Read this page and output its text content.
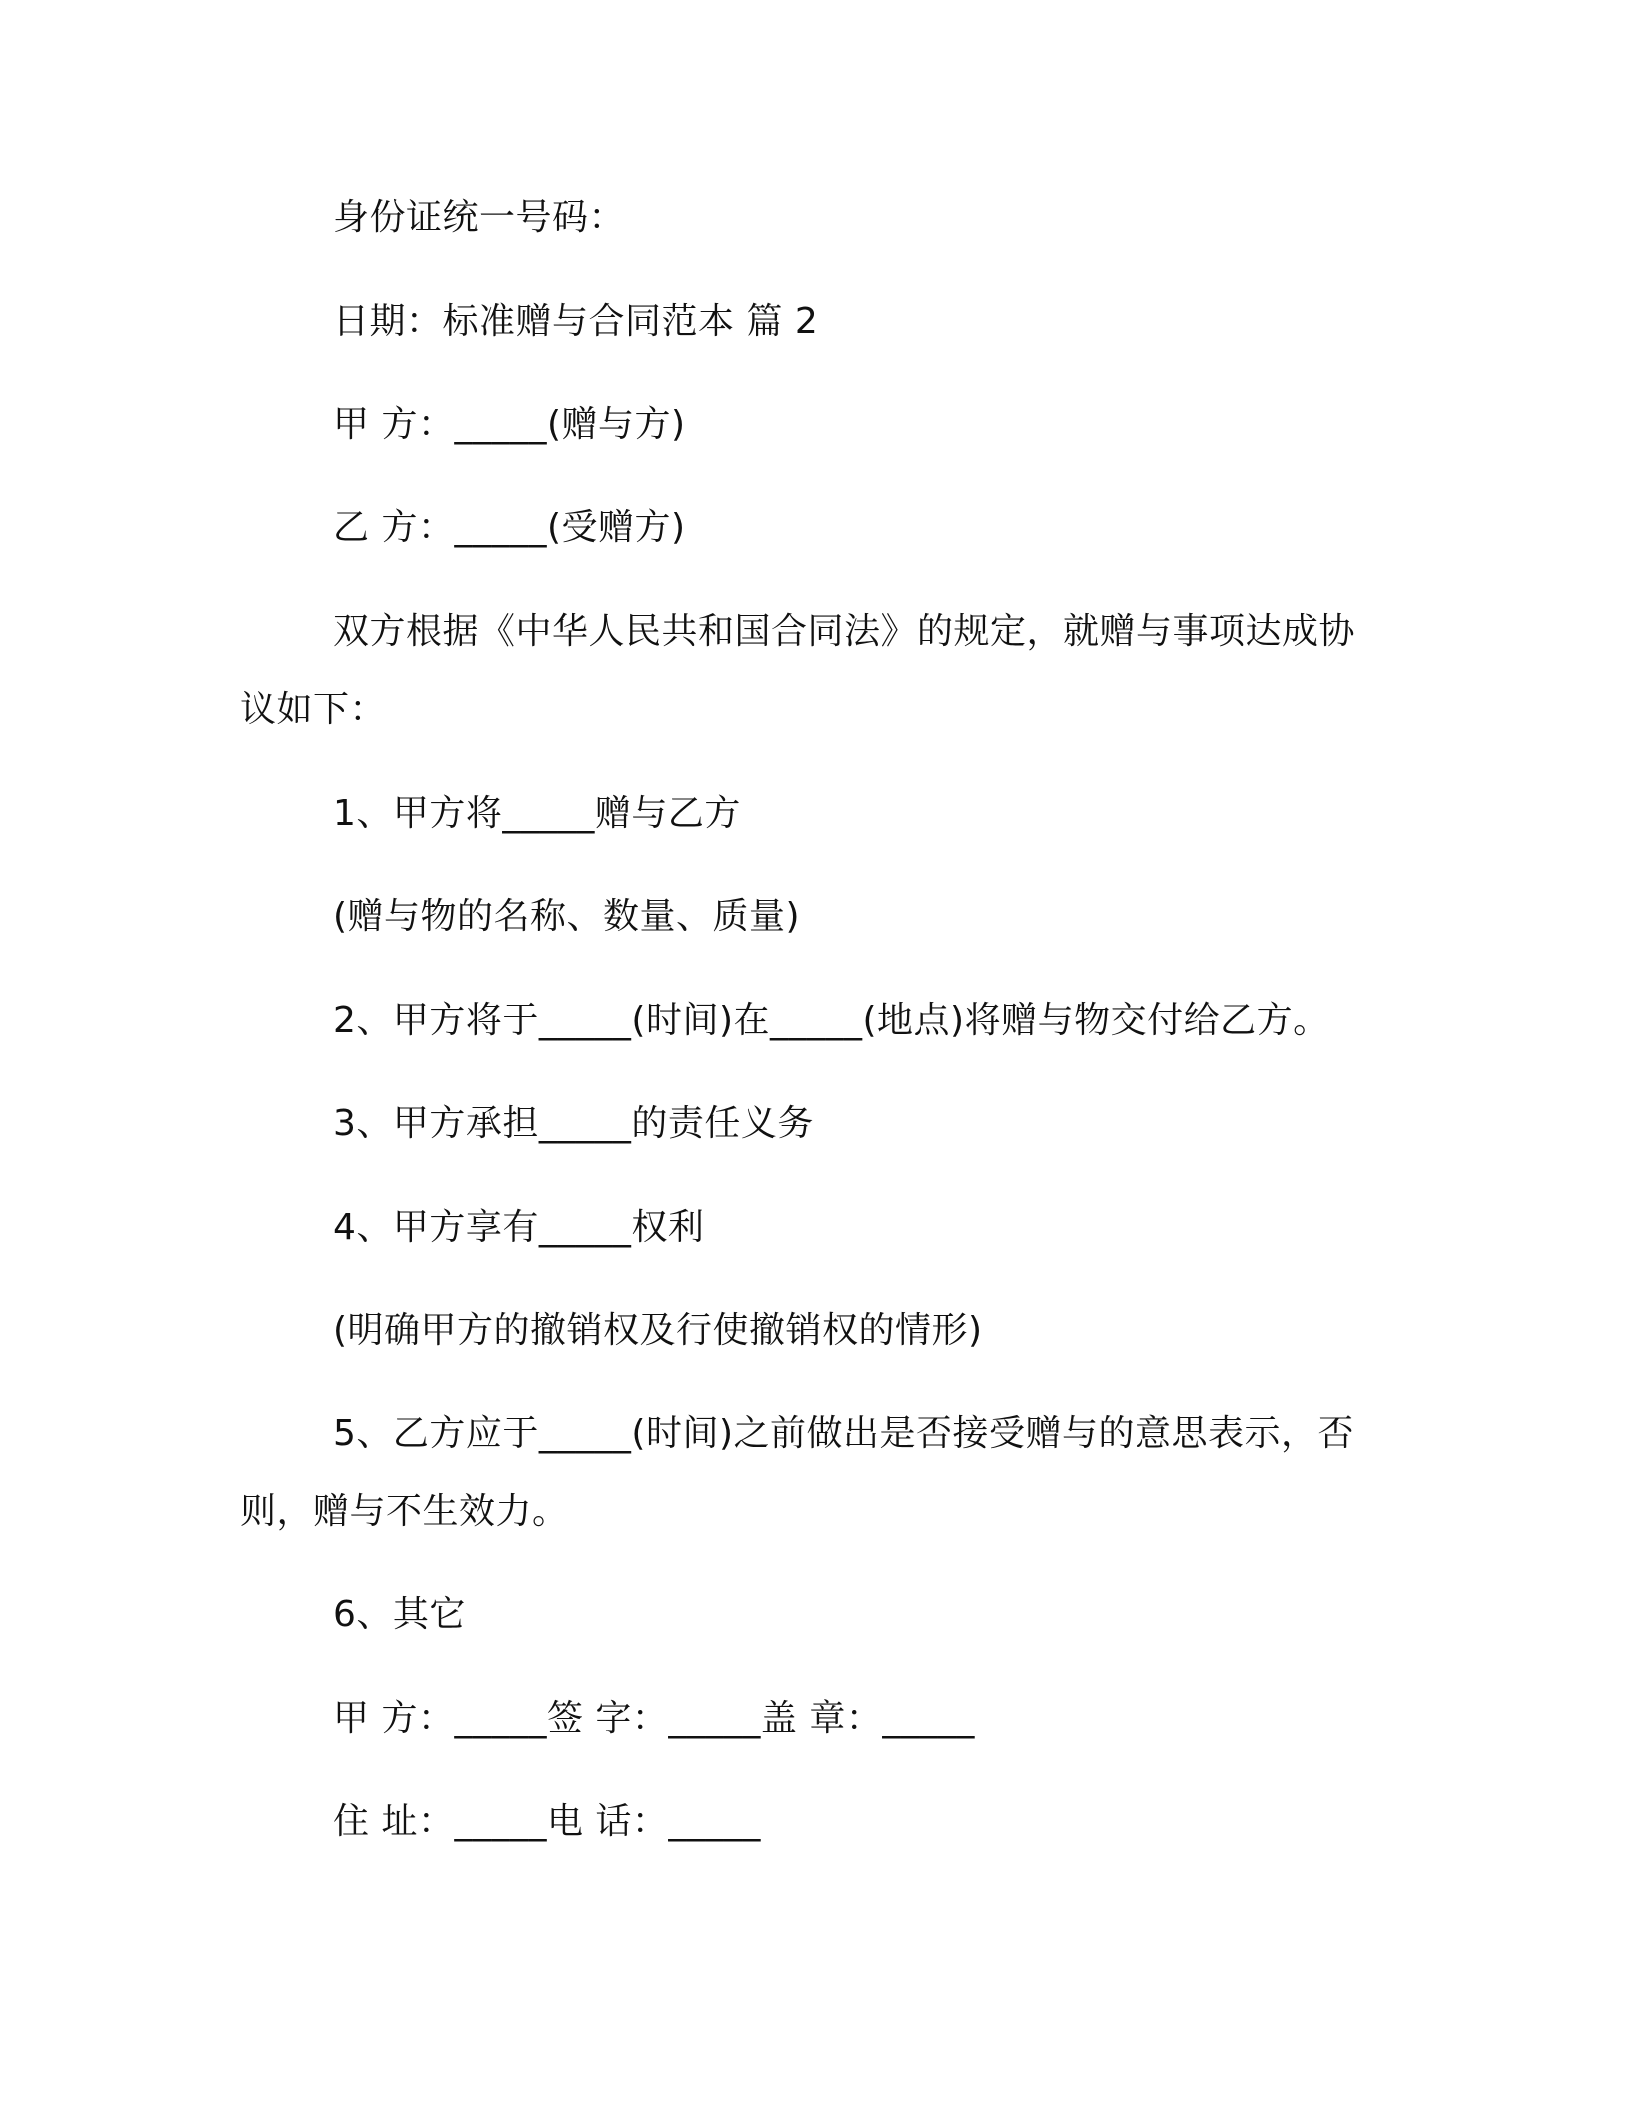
身份证统一号码：
日期：标准赠与合同范本 篇 2
甲 方：_____(赠与方)
乙 方：_____(受赠方)
双方根据《中华人民共和国合同法》的规定，就赠与事项达成协
议如下：
1、甲方将_____赠与乙方
(赠与物的名称、数量、质量)
2、甲方将于_____(时间)在_____(地点)将赠与物交付给乙方。
3、甲方承担_____的责任义务
4、甲方享有_____权利
(明确甲方的撤销权及行使撤销权的情形)
5、乙方应于_____(时间)之前做出是否接受赠与的意思表示，否
则，赠与不生效力。
6、其它
甲 方：_____签 字：_____盖 章：_____
住 址：_____电 话：_____
